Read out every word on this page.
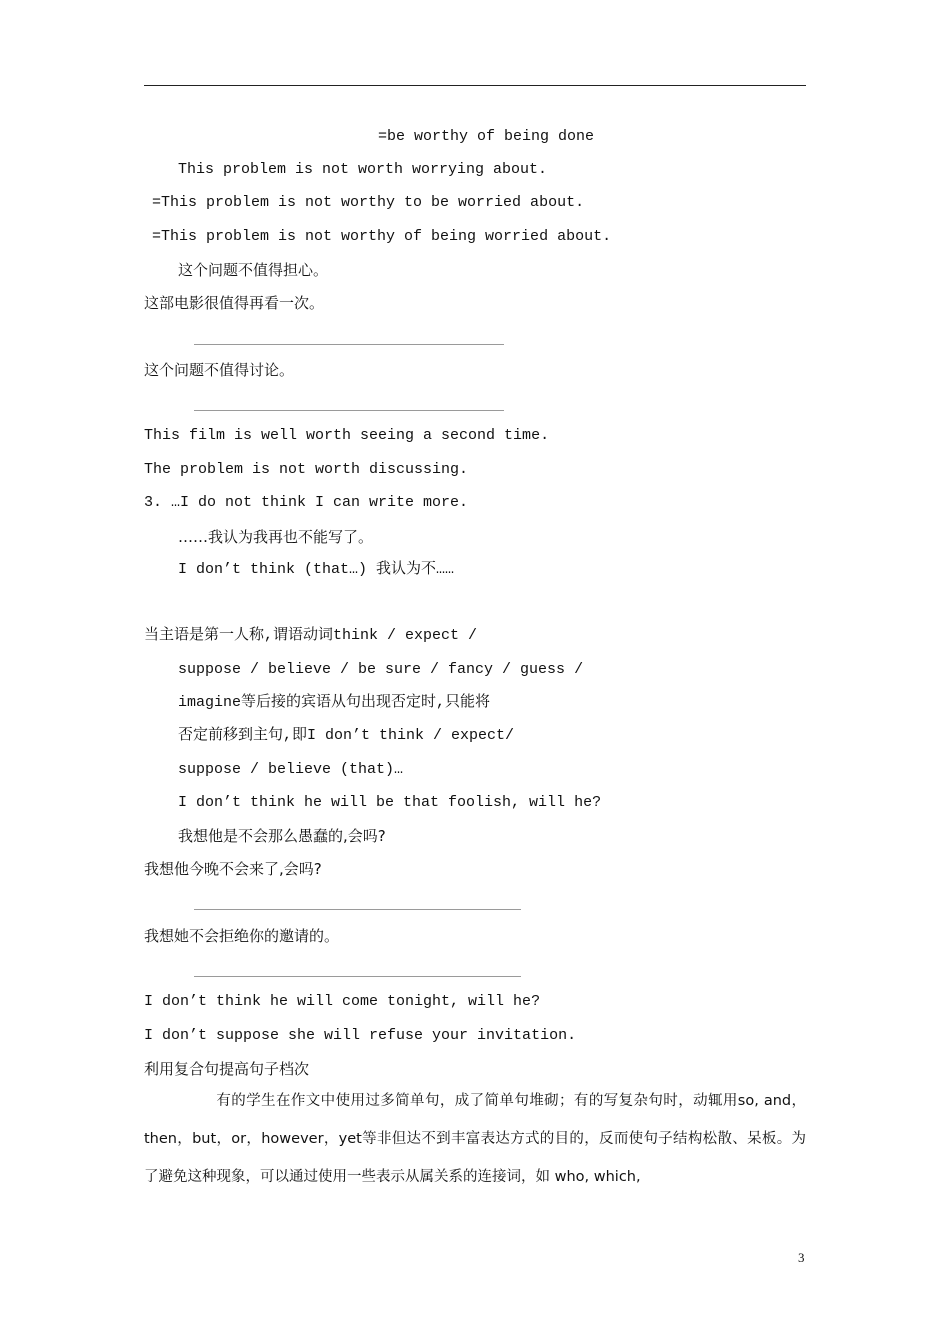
=be worthy of being done
This problem is not worth worrying about.
=This problem is not worthy to be worried about.
=This problem is not worthy of being worried about.
这个问题不值得担心。
这部电影很值得再看一次。
这个问题不值得讨论。
This film is well worth seeing a second time.
The problem is not worth discussing.
3. …I do not think I can write more.
……我认为我再也不能写了。
I don’t think (that…) 我认为不……
当主语是第一人称,谓语动词think / expect /
suppose / believe / be sure / fancy / guess /
imagine等后接的宾语从句出现否定时,只能将
否定前移到主句,即I don’t think / expect/
suppose / believe (that)…
I don’t think he will be that foolish, will he?
我想他是不会那么愚蠢的,会吗?
我想他今晚不会来了,会吗?
我想她不会拒绝你的邀请的。
I don’t think he will come tonight, will he?
I don’t suppose she will refuse your invitation.
利用复合句提高句子档次
有的学生在作文中使用过多简单句，成了简单句堆砌；有的写复杂句时，动辄用so, and，then，but，or，however，yet等非但达不到丰富表达方式的目的，反而使句子结构松散、呆板。为了避免这种现象，可以通过使用一些表示从属关系的连接词，如 who, which,
3
